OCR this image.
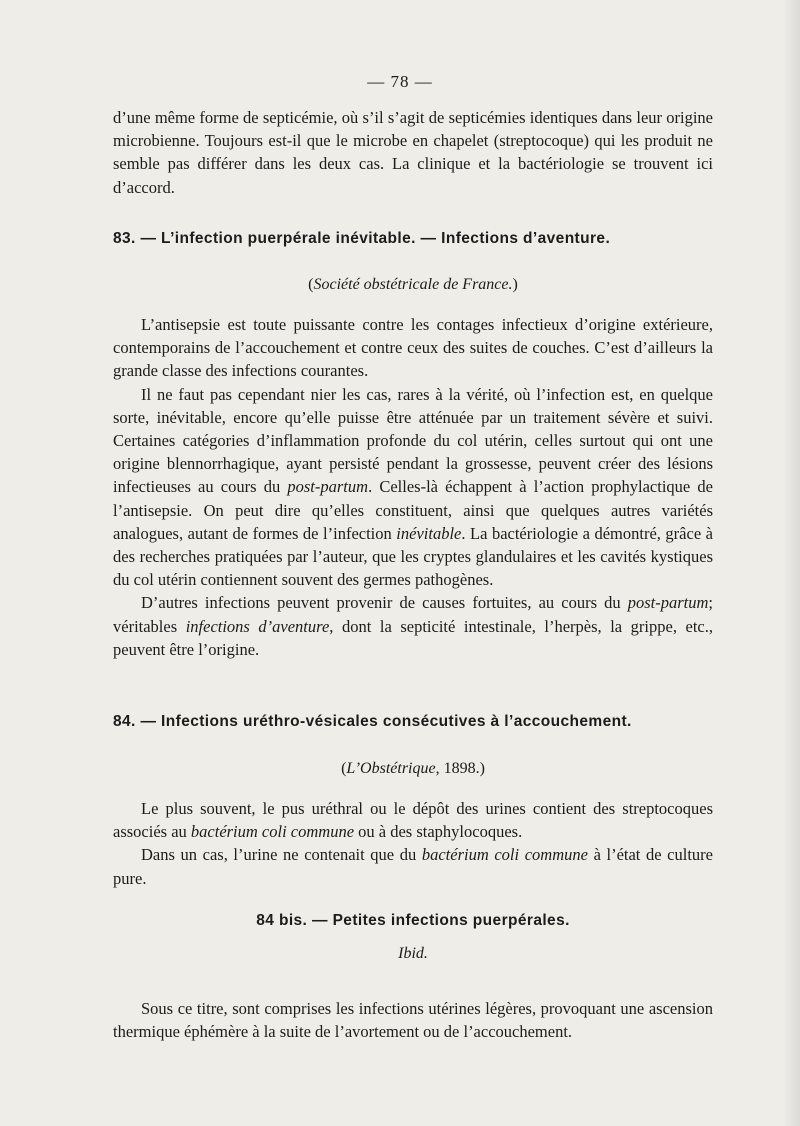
— 78 —

d’une même forme de septicémie, où s’il s’agit de septicémies identiques dans leur origine microbienne. Toujours est-il que le microbe en chapelet (streptocoque) qui les produit ne semble pas différer dans les deux cas. La clinique et la bactériologie se trouvent ici d’accord.

83. — L’infection puerpérale inévitable. — Infections d’aventure.
(Société obstétricale de France.)

L’antisepsie est toute puissante contre les contages infectieux d’origine extérieure, contemporains de l’accouchement et contre ceux des suites de couches. C’est d’ailleurs la grande classe des infections courantes.

Il ne faut pas cependant nier les cas, rares à la vérité, où l’infection est, en quelque sorte, inévitable, encore qu’elle puisse être atténuée par un traitement sévère et suivi. Certaines catégories d’inflammation profonde du col utérin, celles surtout qui ont une origine blennorrhagique, ayant persisté pendant la grossesse, peuvent créer des lésions infectieuses au cours du post-partum. Celles-là échappent à l’action prophylactique de l’antisepsie. On peut dire qu’elles constituent, ainsi que quelques autres variétés analogues, autant de formes de l’infection inévitable. La bactériologie a démontré, grâce à des recherches pratiquées par l’auteur, que les cryptes glandulaires et les cavités kystiques du col utérin contiennent souvent des germes pathogènes.

D’autres infections peuvent provenir de causes fortuites, au cours du post-partum; véritables infections d’aventure, dont la septicité intestinale, l’herpès, la grippe, etc., peuvent être l’origine.

84. — Infections uréthro-vésicales consécutives à l’accouchement.
(L’Obstétrique, 1898.)

Le plus souvent, le pus uréthral ou le dépôt des urines contient des streptocoques associés au bactérium coli commune ou à des staphylocoques.

Dans un cas, l’urine ne contenait que du bactérium coli commune à l’état de culture pure.

84 bis. — Petites infections puerpérales.
Ibid.

Sous ce titre, sont comprises les infections utérines légères, provoquant une ascension thermique éphémère à la suite de l’avortement ou de l’accouchement.
